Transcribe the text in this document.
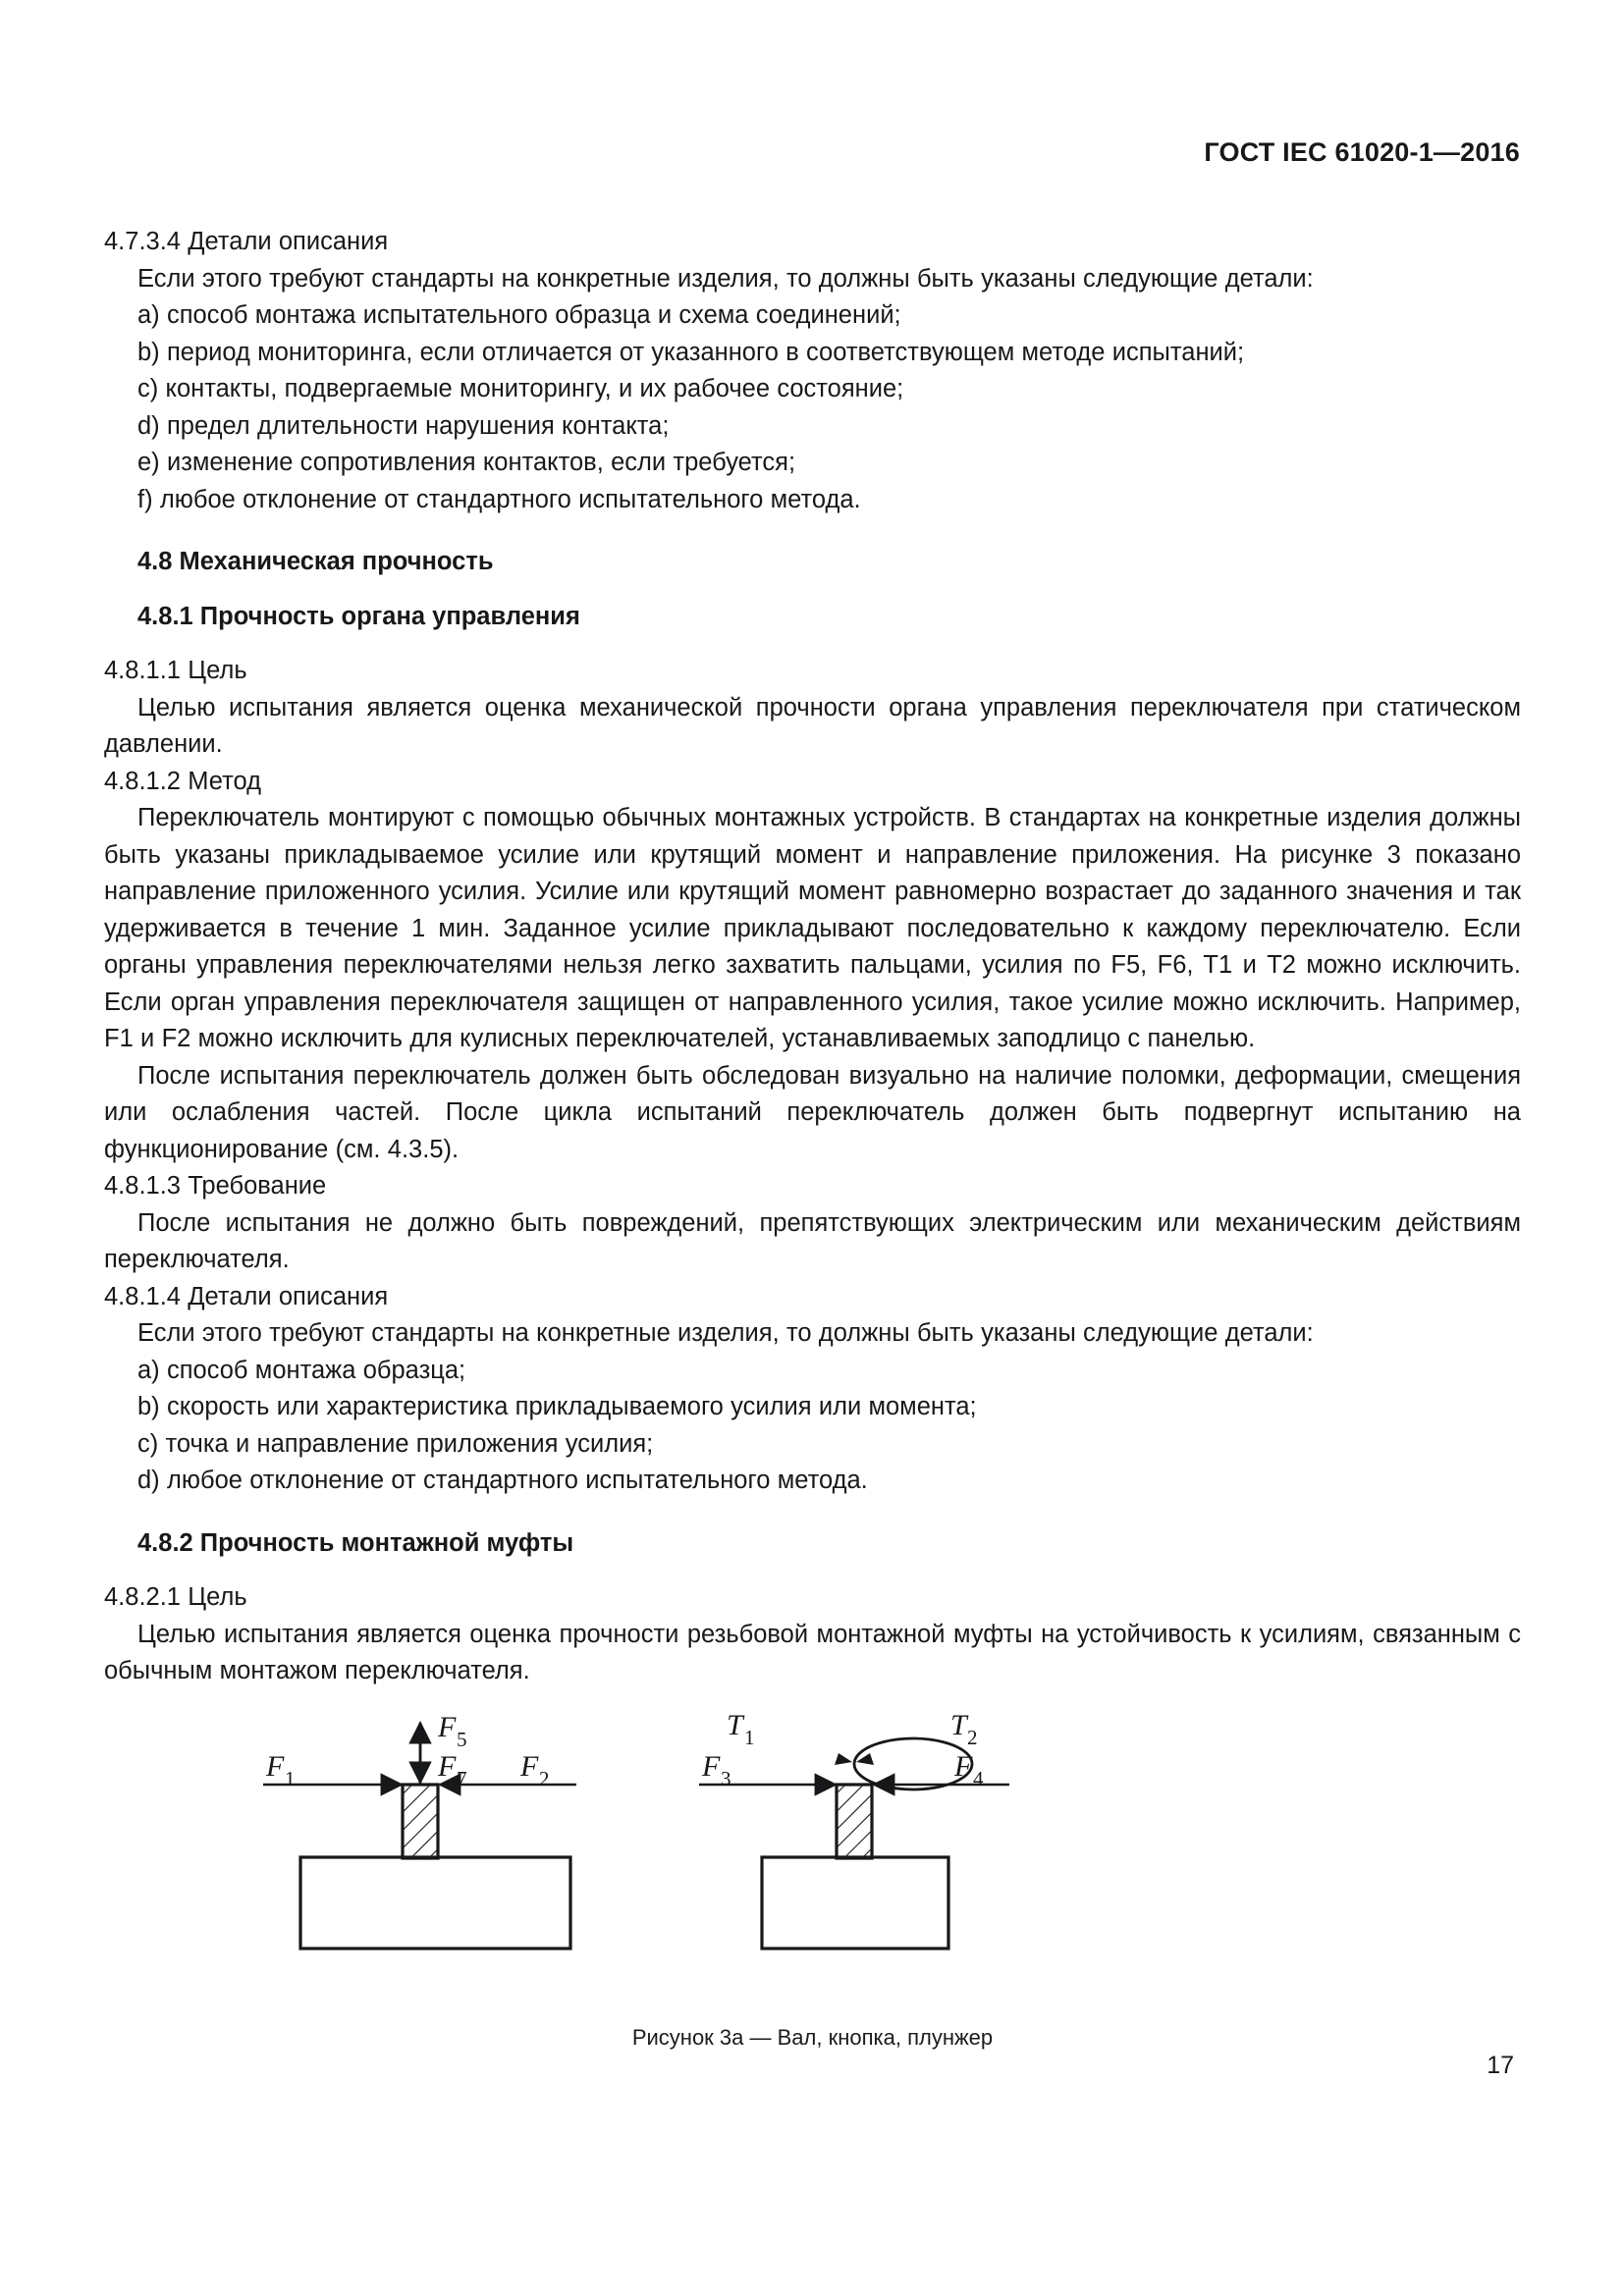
ГОСТ IEC 61020-1—2016

4.7.3.4 Детали описания

Если этого требуют стандарты на конкретные изделия, то должны быть указаны следующие детали:

a) способ монтажа испытательного образца и схема соединений;

b) период мониторинга, если отличается от указанного в соответствующем методе испытаний;

c) контакты, подвергаемые мониторингу, и их рабочее состояние;

d) предел длительности нарушения контакта;

e) изменение сопротивления контактов, если требуется;

f) любое отклонение от стандартного испытательного метода.

4.8 Механическая прочность
4.8.1 Прочность органа управления

4.8.1.1 Цель

Целью испытания является оценка механической прочности органа управления переключателя при статическом давлении.

4.8.1.2 Метод

Переключатель монтируют с помощью обычных монтажных устройств. В стандартах на конкретные изделия должны быть указаны прикладываемое усилие или крутящий момент и направление приложения. На рисунке 3 показано направление приложенного усилия. Усилие или крутящий момент равномерно возрастает до заданного значения и так удерживается в течение 1 мин. Заданное усилие прикладывают последовательно к каждому переключателю. Если органы управления переключателями нельзя легко захватить пальцами, усилия по F5, F6, T1 и T2 можно исключить. Если орган управления переключателя защищен от направленного усилия, такое усилие можно исключить. Например, F1 и F2 можно исключить для кулисных переключателей, устанавливаемых заподлицо с панелью.

После испытания переключатель должен быть обследован визуально на наличие поломки, деформации, смещения или ослабления частей. После цикла испытаний переключатель должен быть подвергнут испытанию на функционирование (см. 4.3.5).

4.8.1.3 Требование

После испытания не должно быть повреждений, препятствующих электрическим или механическим действиям переключателя.

4.8.1.4 Детали описания

Если этого требуют стандарты на конкретные изделия, то должны быть указаны следующие детали:

a) способ монтажа образца;

b) скорость или характеристика прикладываемого усилия или момента;

c) точка и направление приложения усилия;

d) любое отклонение от стандартного испытательного метода.

4.8.2 Прочность монтажной муфты

4.8.2.1 Цель

Целью испытания является оценка прочности резьбовой монтажной муфты на устойчивость к усилиям, связанным с обычным монтажом переключателя.

F 5
F 7
F 1	F 2
T 1	T 2
F 3	F 4
Рисунок 3а — Вал, кнопка, плунжер
17
